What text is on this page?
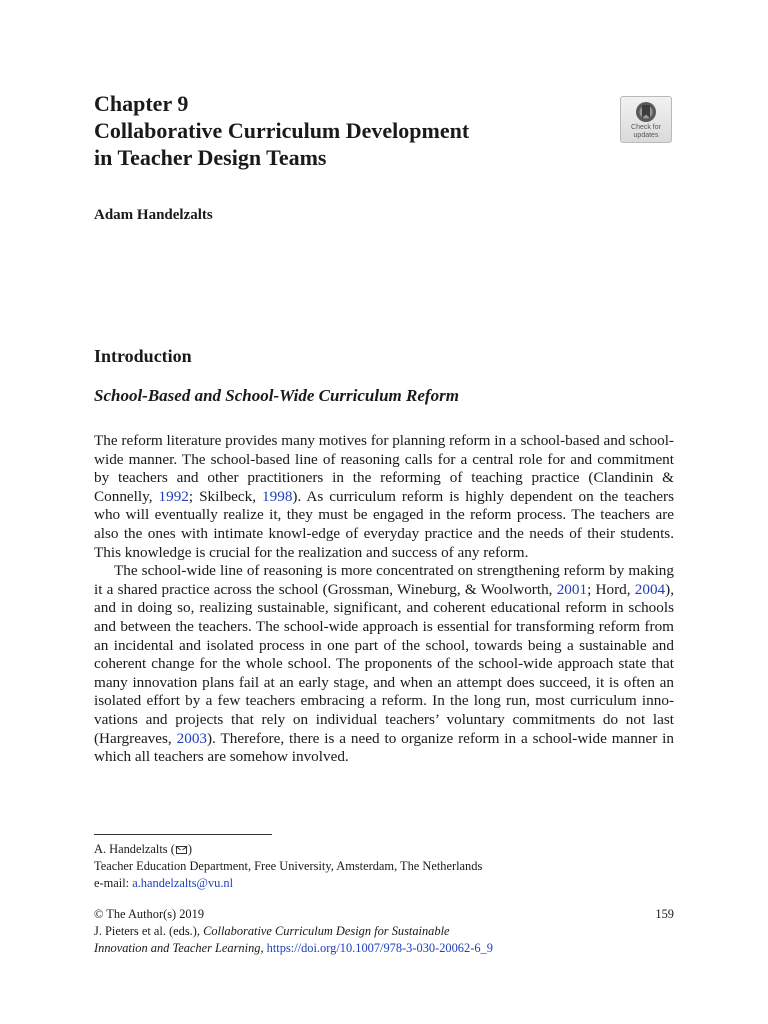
Chapter 9
Collaborative Curriculum Development
in Teacher Design Teams
Check for
updates
Adam Handelzalts
Introduction
School-Based and School-Wide Curriculum Reform

The reform literature provides many motives for planning reform in a school-based and school-wide manner. The school-based line of reasoning calls for a central role for and commitment by teachers and other practitioners in the reforming of teaching practice (Clandinin & Connelly, 1992; Skilbeck, 1998). As curriculum reform is highly dependent on the teachers who will eventually realize it, they must be engaged in the reform process. The teachers are also the ones with intimate knowl-edge of everyday practice and the needs of their students. This knowledge is crucial for the realization and success of any reform.

The school-wide line of reasoning is more concentrated on strengthening reform by making it a shared practice across the school (Grossman, Wineburg, & Woolworth, 2001; Hord, 2004), and in doing so, realizing sustainable, significant, and coherent educational reform in schools and between the teachers. The school-wide approach is essential for transforming reform from an incidental and isolated process in one part of the school, towards being a sustainable and coherent change for the whole school. The proponents of the school-wide approach state that many innovation plans fail at an early stage, and when an attempt does succeed, it is often an isolated effort by a few teachers embracing a reform. In the long run, most curriculum inno-vations and projects that rely on individual teachers’ voluntary commitments do not last (Hargreaves, 2003). Therefore, there is a need to organize reform in a school-wide manner in which all teachers are somehow involved.

A. Handelzalts ( )
Teacher Education Department, Free University, Amsterdam, The Netherlands
e-mail: a.handelzalts@vu.nl
© The Author(s) 2019	159
J. Pieters et al. (eds.), Collaborative Curriculum Design for Sustainable
Innovation and Teacher Learning, https://doi.org/10.1007/978-3-030-20062-6_9
